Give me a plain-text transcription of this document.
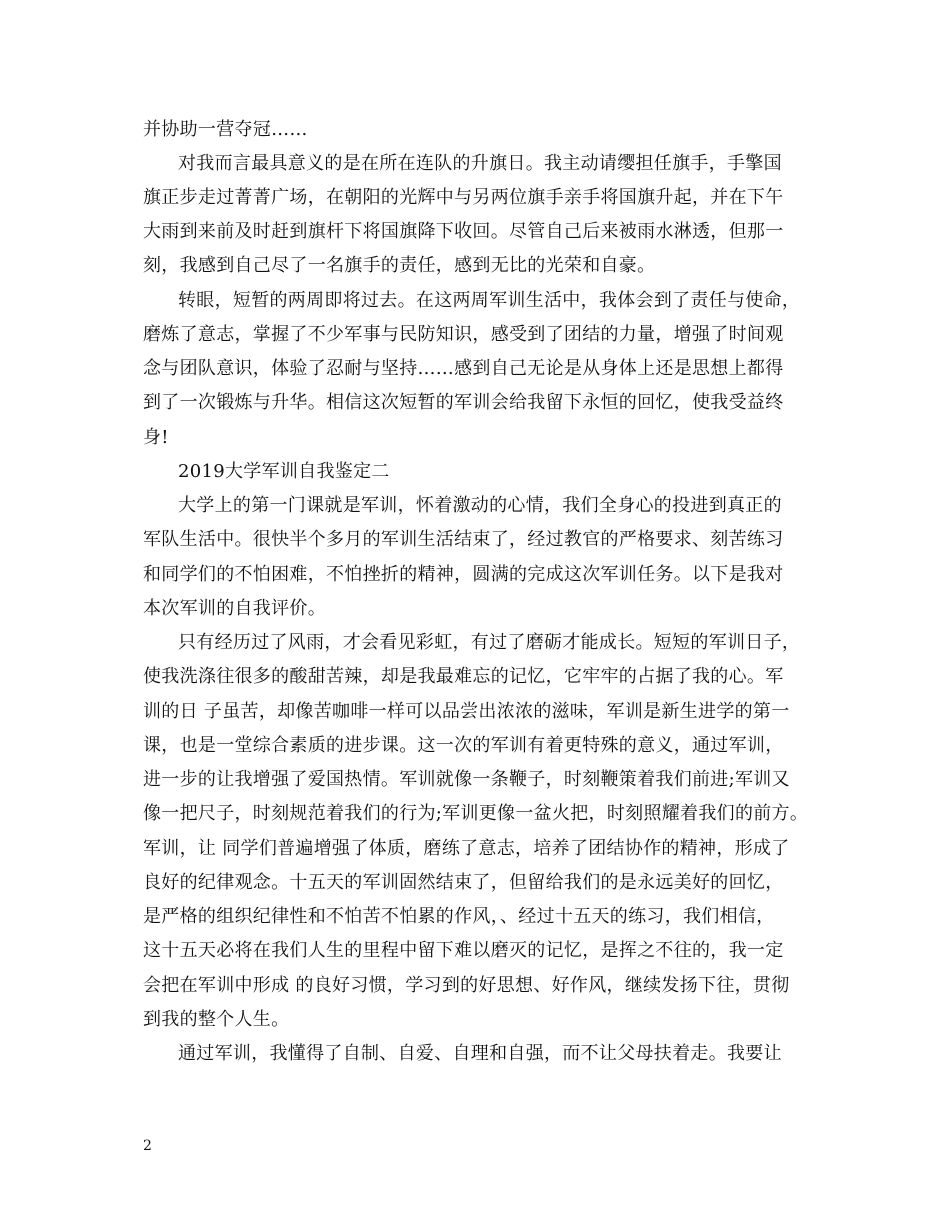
并协助一营夺冠……
对我而言最具意义的是在所在连队的升旗日。我主动请缨担任旗手，手擎国
旗正步走过菁菁广场，在朝阳的光辉中与另两位旗手亲手将国旗升起，并在下午
大雨到来前及时赶到旗杆下将国旗降下收回。尽管自己后来被雨水淋透，但那一
刻，我感到自己尽了一名旗手的责任，感到无比的光荣和自豪。
转眼，短暂的两周即将过去。在这两周军训生活中，我体会到了责任与使命，
磨炼了意志，掌握了不少军事与民防知识，感受到了团结的力量，增强了时间观
念与团队意识，体验了忍耐与坚持……感到自己无论是从身体上还是思想上都得
到了一次锻炼与升华。相信这次短暂的军训会给我留下永恒的回忆，使我受益终
身!
2019大学军训自我鉴定二
大学上的第一门课就是军训，怀着激动的心情，我们全身心的投进到真正的
军队生活中。很快半个多月的军训生活结束了，经过教官的严格要求、刻苦练习
和同学们的不怕困难，不怕挫折的精神，圆满的完成这次军训任务。以下是我对
本次军训的自我评价。
只有经历过了风雨，才会看见彩虹，有过了磨砺才能成长。短短的军训日子，
使我洗涤往很多的酸甜苦辣，却是我最难忘的记忆，它牢牢的占据了我的心。军
训的日 子虽苦，却像苦咖啡一样可以品尝出浓浓的滋味，军训是新生进学的第一
课，也是一堂综合素质的进步课。这一次的军训有着更特殊的意义，通过军训，
进一步的让我增强了爱国热情。军训就像一条鞭子，时刻鞭策着我们前进;军训又
像一把尺子，时刻规范着我们的行为;军训更像一盆火把，时刻照耀着我们的前方。
军训，让 同学们普遍增强了体质，磨练了意志，培养了团结协作的精神，形成了
良好的纪律观念。十五天的军训固然结束了，但留给我们的是永远美好的回忆，
是严格的组织纪律性和不怕苦不怕累的作风，、经过十五天的练习，我们相信，
这十五天必将在我们人生的里程中留下难以磨灭的记忆，是挥之不往的，我一定
会把在军训中形成 的良好习惯，学习到的好思想、好作风，继续发扬下往，贯彻
到我的整个人生。
通过军训，我懂得了自制、自爱、自理和自强，而不让父母扶着走。我要让
2
